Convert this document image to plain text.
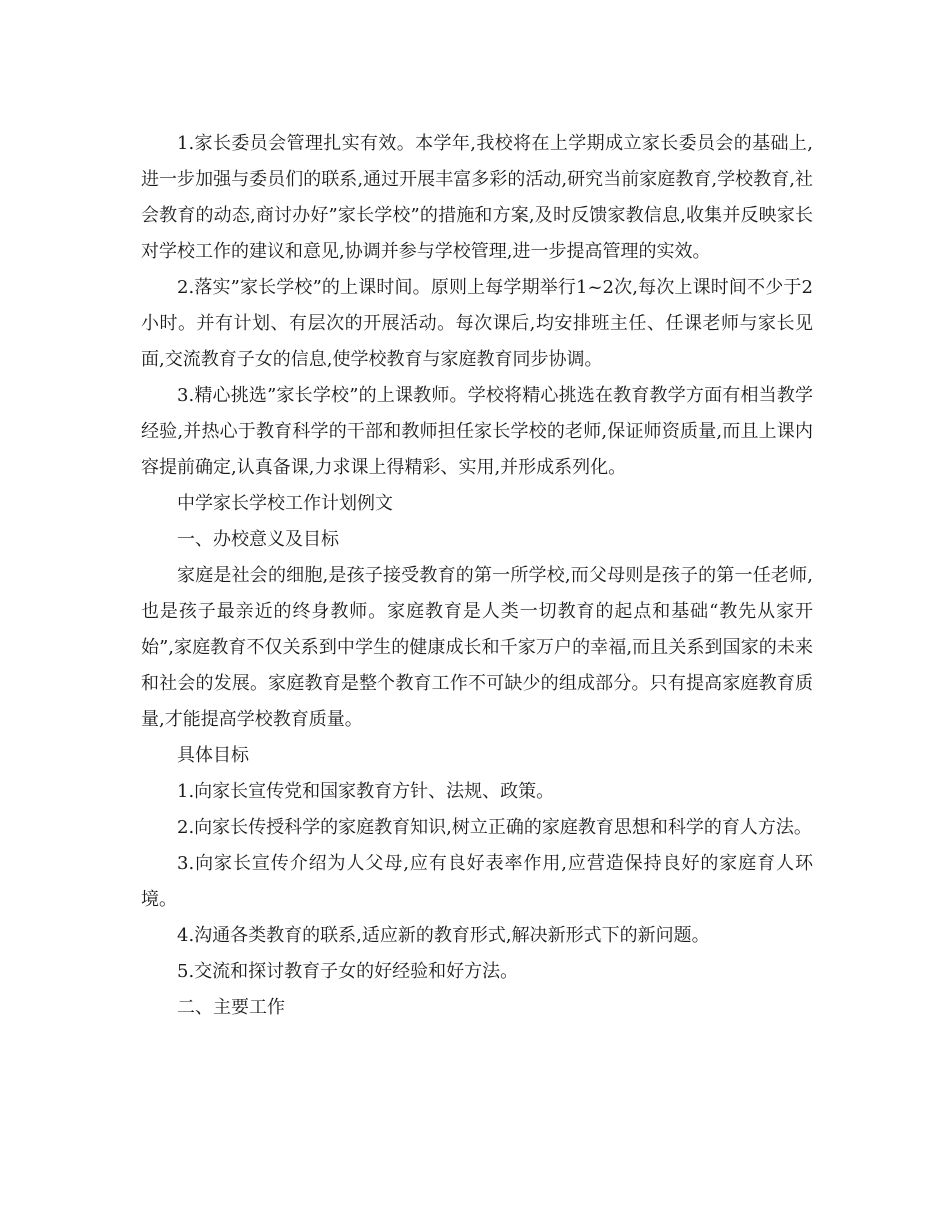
1.家长委员会管理扎实有效。本学年,我校将在上学期成立家长委员会的基础上,进一步加强与委员们的联系,通过开展丰富多彩的活动,研究当前家庭教育,学校教育,社会教育的动态,商讨办好”家长学校”的措施和方案,及时反馈家教信息,收集并反映家长对学校工作的建议和意见,协调并参与学校管理,进一步提高管理的实效。

2.落实”家长学校”的上课时间。原则上每学期举行1~2次,每次上课时间不少于2小时。并有计划、有层次的开展活动。每次课后,均安排班主任、任课老师与家长见面,交流教育子女的信息,使学校教育与家庭教育同步协调。

3.精心挑选”家长学校”的上课教师。学校将精心挑选在教育教学方面有相当教学经验,并热心于教育科学的干部和教师担任家长学校的老师,保证师资质量,而且上课内容提前确定,认真备课,力求课上得精彩、实用,并形成系列化。

中学家长学校工作计划例文

一、办校意义及目标

家庭是社会的细胞,是孩子接受教育的第一所学校,而父母则是孩子的第一任老师,也是孩子最亲近的终身教师。家庭教育是人类一切教育的起点和基础“教先从家开始”,家庭教育不仅关系到中学生的健康成长和千家万户的幸福,而且关系到国家的未来和社会的发展。家庭教育是整个教育工作不可缺少的组成部分。只有提高家庭教育质量,才能提高学校教育质量。

具体目标

1.向家长宣传党和国家教育方针、法规、政策。

2.向家长传授科学的家庭教育知识,树立正确的家庭教育思想和科学的育人方法。

3.向家长宣传介绍为人父母,应有良好表率作用,应营造保持良好的家庭育人环境。

4.沟通各类教育的联系,适应新的教育形式,解决新形式下的新问题。

5.交流和探讨教育子女的好经验和好方法。

二、主要工作
